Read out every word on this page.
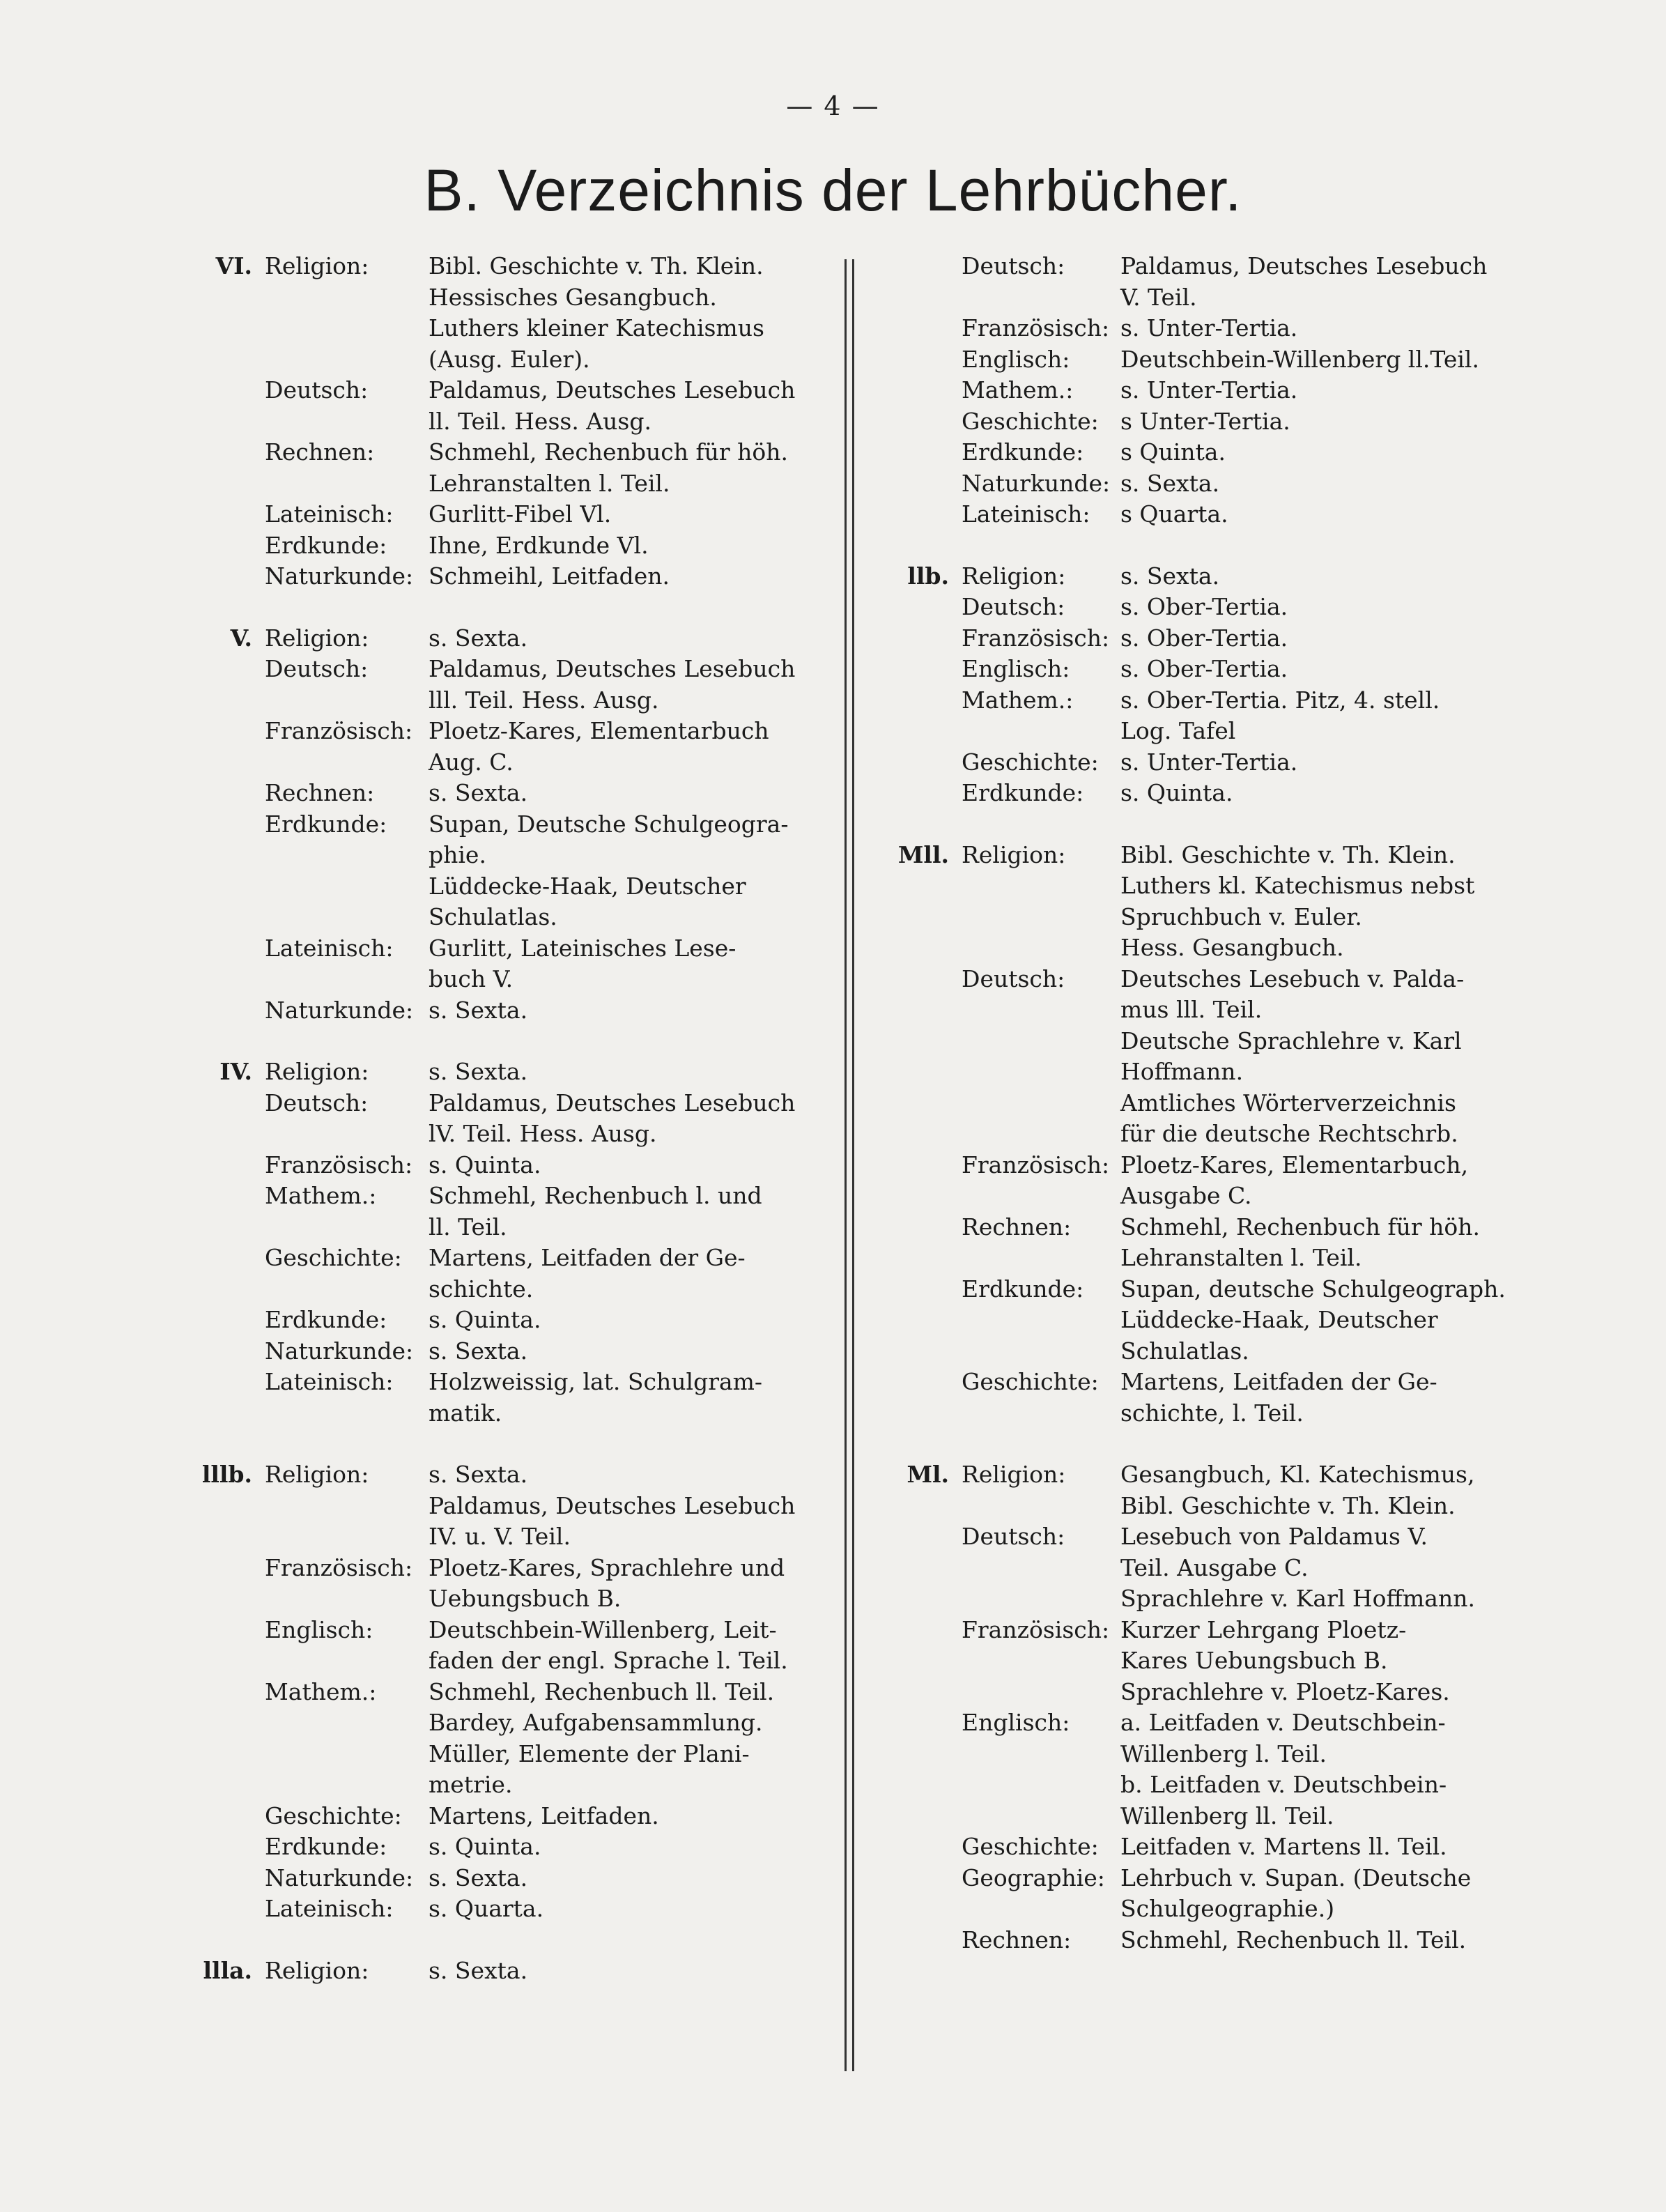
— 4 —
B. Verzeichnis der Lehrbücher.
VI. Religion:	Bibl. Geschichte v. Th. Klein.
Hessisches Gesangbuch.
Luthers kleiner Katechismus
(Ausg. Euler).
Deutsch:	Paldamus, Deutsches Lesebuch
ll. Teil. Hess. Ausg.
Rechnen:	Schmehl, Rechenbuch für höh.
Lehranstalten l. Teil.
Lateinisch:	Gurlitt-Fibel Vl.
Erdkunde:	Ihne, Erdkunde Vl.
Naturkunde: Schmeihl, Leitfaden.
V. Religion:	s. Sexta.
Deutsch:	Paldamus, Deutsches Lesebuch
lll. Teil. Hess. Ausg.
Französisch: Ploetz-Kares, Elementarbuch
Aug. C.
Rechnen:	s. Sexta.
Erdkunde:	Supan, Deutsche Schulgeogra-
phie.
Lüddecke-Haak, Deutscher
Schulatlas.
Lateinisch:	Gurlitt, Lateinisches Lese-
buch V.
Naturkunde: s. Sexta.
IV. Religion:	s. Sexta.
Deutsch:	Paldamus, Deutsches Lesebuch
lV. Teil. Hess. Ausg.
Französisch: s. Quinta.
Mathem.:	Schmehl, Rechenbuch l. und
ll. Teil.
Geschichte:	Martens, Leitfaden der Ge-
schichte.
Erdkunde:	s. Quinta.
Naturkunde: s. Sexta.
Lateinisch:	Holzweissig, lat. Schulgram-
matik.
lllb. Religion:	s. Sexta.
Paldamus, Deutsches Lesebuch
IV. u. V. Teil.
Französisch: Ploetz-Kares, Sprachlehre und
Uebungsbuch B.
Englisch:	Deutschbein-Willenberg, Leit-
faden der engl. Sprache l. Teil.
Mathem.:	Schmehl, Rechenbuch ll. Teil.
Bardey, Aufgabensammlung.
Müller, Elemente der Plani-
metrie.
Geschichte:	Martens, Leitfaden.
Erdkunde:	s. Quinta.
Naturkunde: s. Sexta.
Lateinisch:	s. Quarta.
llla. Religion:	s. Sexta.
Deutsch:	Paldamus, Deutsches Lesebuch
V. Teil.
Französisch: s. Unter-Tertia.
Englisch:	Deutschbein-Willenberg ll.Teil.
Mathem.:	s. Unter-Tertia.
Geschichte: s Unter-Tertia.
Erdkunde:	s Quinta.
Naturkunde: s. Sexta.
Lateinisch:	s Quarta.
llb. Religion:	s. Sexta.
Deutsch:	s. Ober-Tertia.
Französisch: s. Ober-Tertia.
Englisch:	s. Ober-Tertia.
Mathem.:	s. Ober-Tertia. Pitz, 4. stell.
Log. Tafel
Geschichte: s. Unter-Tertia.
Erdkunde:	s. Quinta.
Mll. Religion:	Bibl. Geschichte v. Th. Klein.
Luthers kl. Katechismus nebst
Spruchbuch v. Euler.
Hess. Gesangbuch.
Deutsch:	Deutsches Lesebuch v. Palda-
mus lll. Teil.
Deutsche Sprachlehre v. Karl
Hoffmann.
Amtliches Wörterverzeichnis
für die deutsche Rechtschrb.
Französisch: Ploetz-Kares, Elementarbuch,
Ausgabe C.
Rechnen:	Schmehl, Rechenbuch für höh.
Lehranstalten l. Teil.
Erdkunde:	Supan, deutsche Schulgeograph.
Lüddecke-Haak, Deutscher
Schulatlas.
Geschichte: Martens, Leitfaden der Ge-
schichte, l. Teil.
Ml. Religion:	Gesangbuch, Kl. Katechismus,
Bibl. Geschichte v. Th. Klein.
Deutsch:	Lesebuch von Paldamus V.
Teil. Ausgabe C.
Sprachlehre v. Karl Hoffmann.
Französisch: Kurzer Lehrgang Ploetz-
Kares Uebungsbuch B.
Sprachlehre v. Ploetz-Kares.
Englisch:	a. Leitfaden v. Deutschbein-
Willenberg l. Teil.
b. Leitfaden v. Deutschbein-
Willenberg ll. Teil.
Geschichte: Leitfaden v. Martens ll. Teil.
Geographie: Lehrbuch v. Supan. (Deutsche
Schulgeographie.)
Rechnen:	Schmehl, Rechenbuch ll. Teil.
